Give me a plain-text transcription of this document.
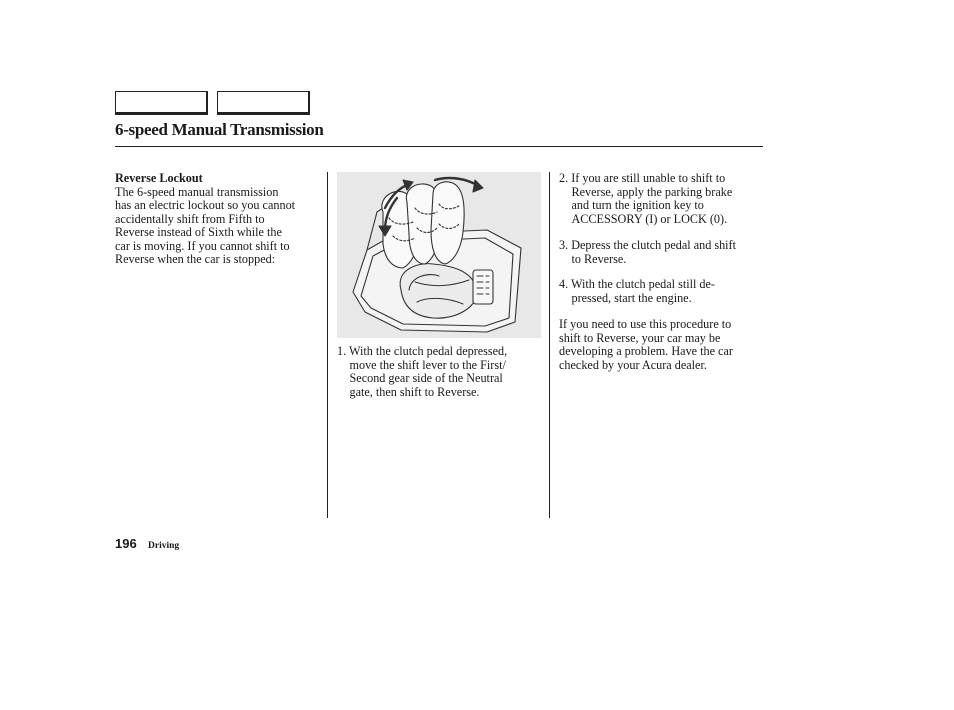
6-speed Manual Transmission
Reverse Lockout
The 6-speed manual transmission
has an electric lockout so you cannot
accidentally shift from Fifth to
Reverse instead of Sixth while the
car is moving. If you cannot shift to
Reverse when the car is stopped:
1. With the clutch pedal depressed,
move the shift lever to the First/
Second gear side of the Neutral
gate, then shift to Reverse.
2. If you are still unable to shift to
Reverse, apply the parking brake
and turn the ignition key to
ACCESSORY (I) or LOCK (0).
3. Depress the clutch pedal and shift
to Reverse.
4. With the clutch pedal still de-
pressed, start the engine.
If you need to use this procedure to
shift to Reverse, your car may be
developing a problem. Have the car
checked by your Acura dealer.
196 Driving
